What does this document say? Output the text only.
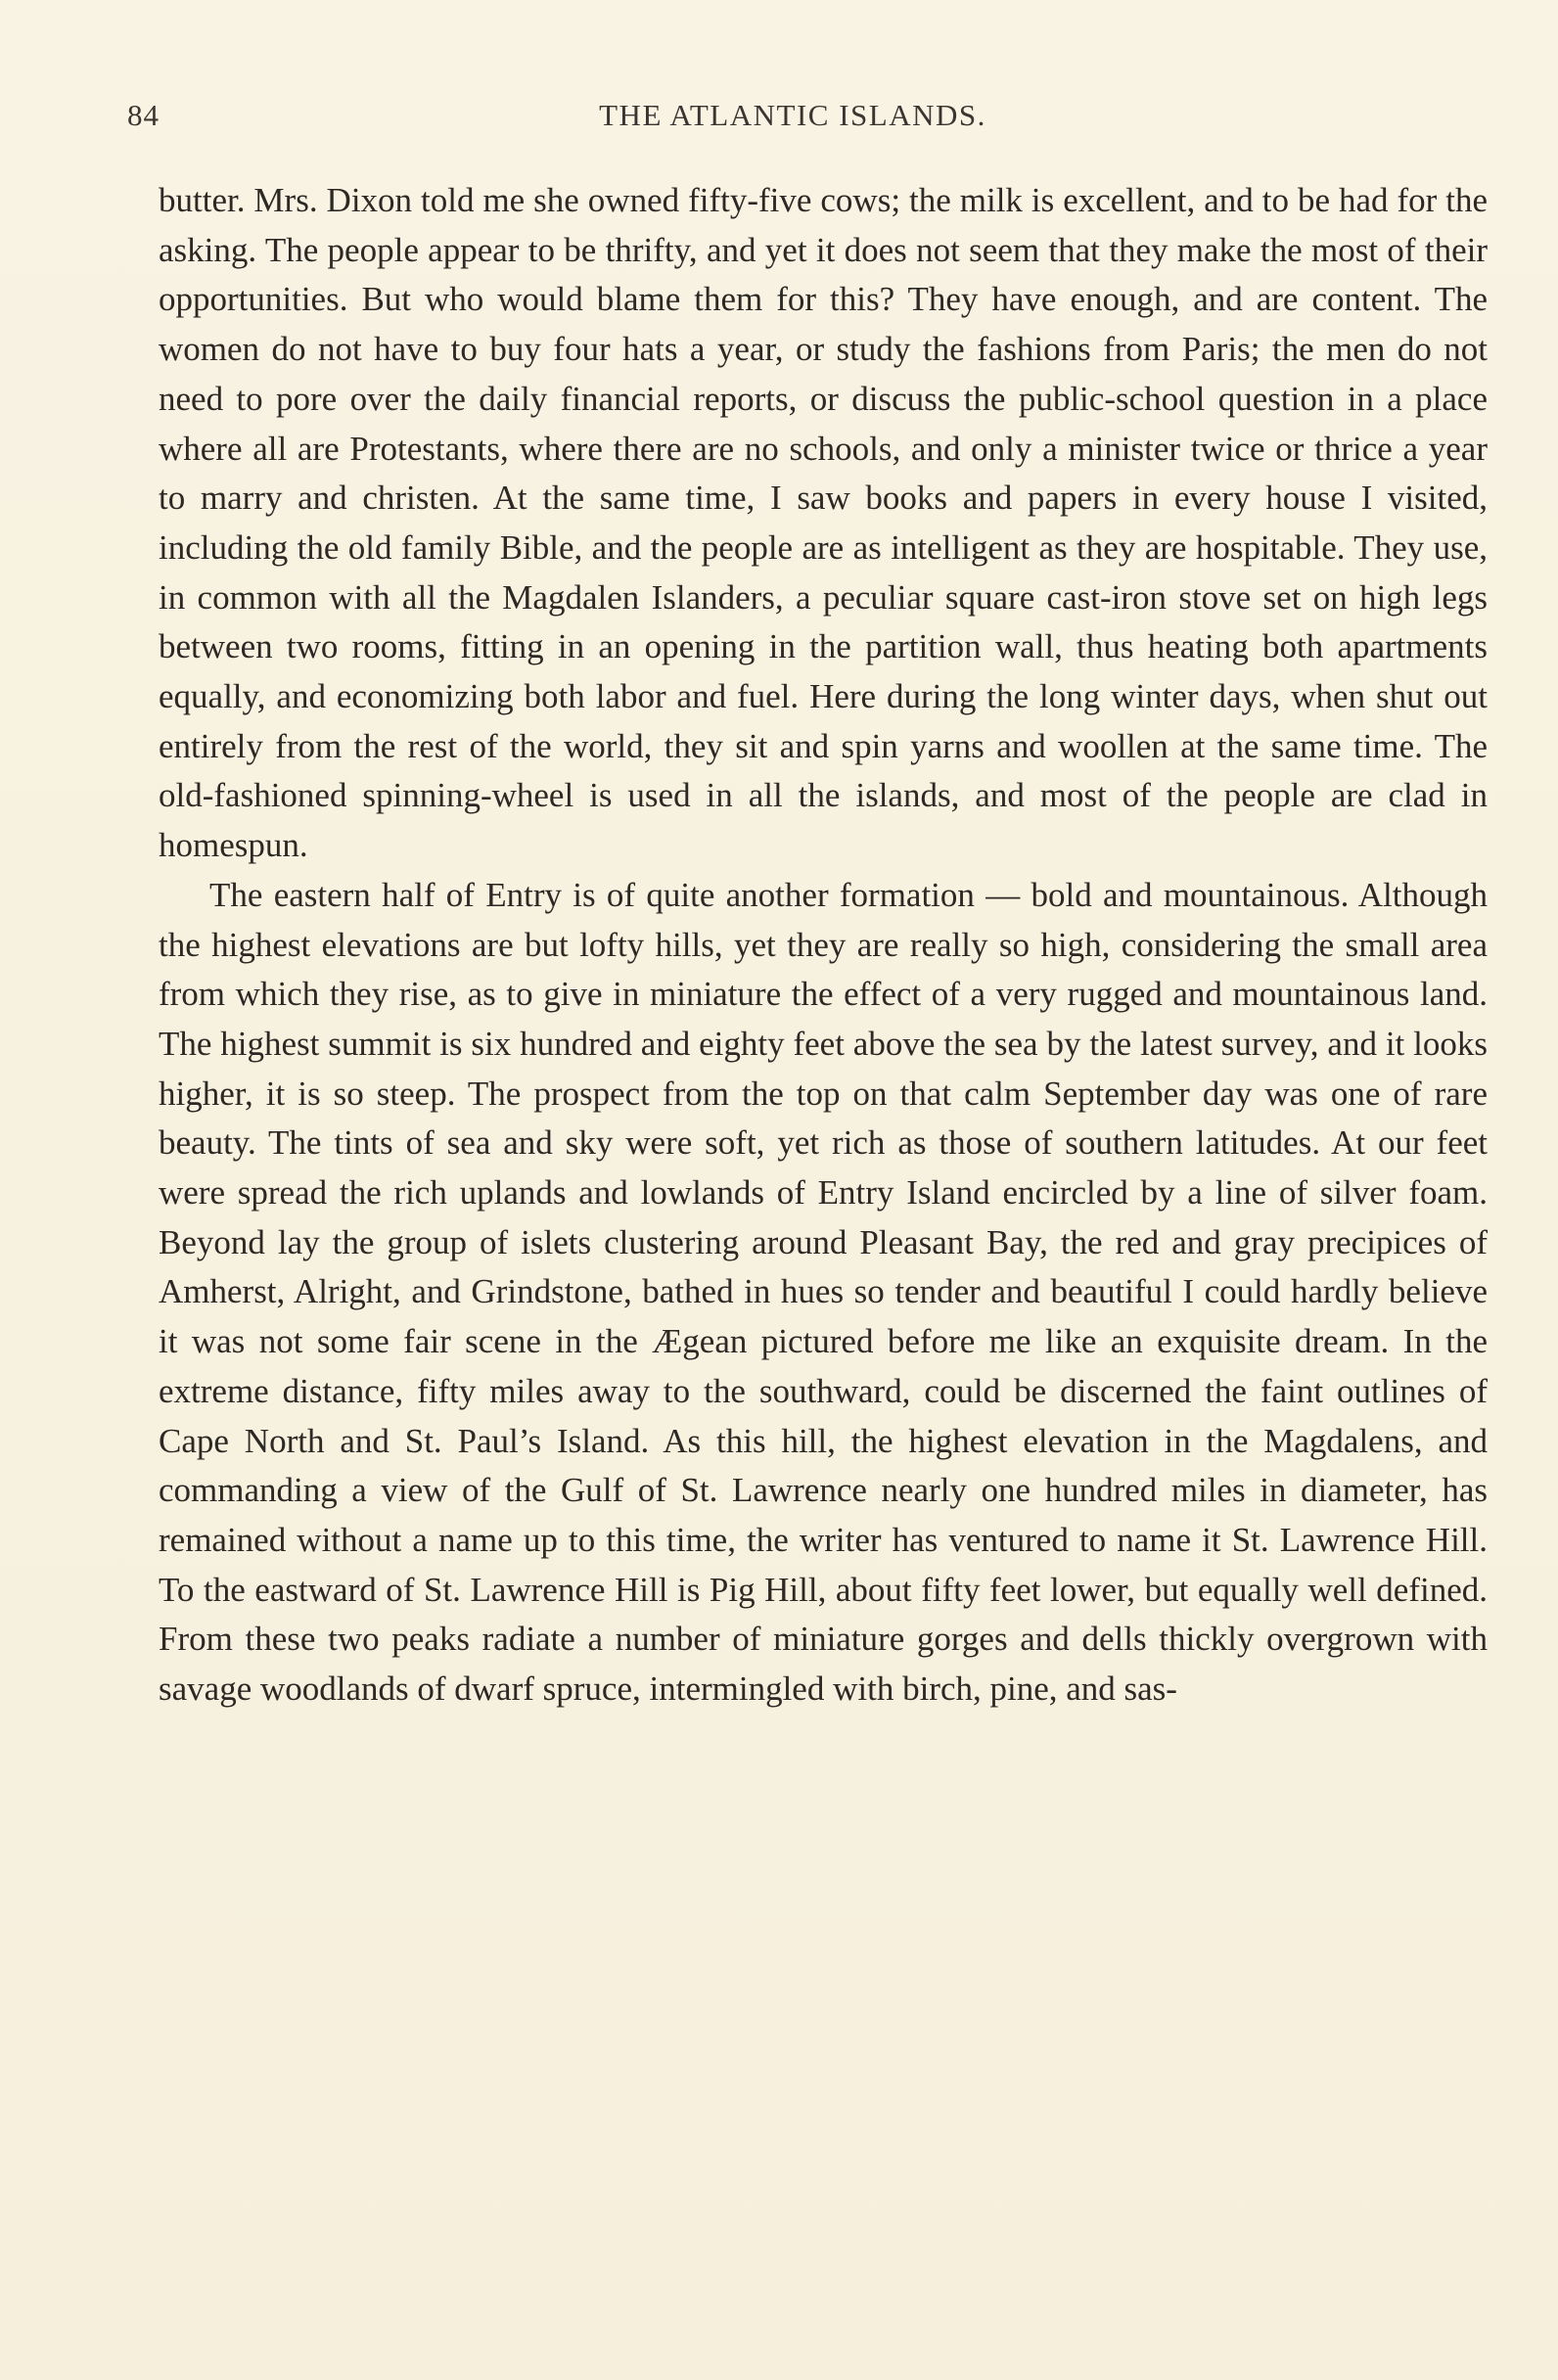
84	THE ATLANTIC ISLANDS.

butter. Mrs. Dixon told me she owned fifty-five cows; the milk is excellent, and to be had for the asking. The people appear to be thrifty, and yet it does not seem that they make the most of their opportunities. But who would blame them for this? They have enough, and are content. The women do not have to buy four hats a year, or study the fashions from Paris; the men do not need to pore over the daily financial reports, or discuss the public-school question in a place where all are Protestants, where there are no schools, and only a minister twice or thrice a year to marry and christen. At the same time, I saw books and papers in every house I visited, including the old family Bible, and the people are as intelligent as they are hospitable. They use, in common with all the Magdalen Islanders, a peculiar square cast-iron stove set on high legs between two rooms, fitting in an opening in the partition wall, thus heating both apartments equally, and economizing both labor and fuel. Here during the long winter days, when shut out entirely from the rest of the world, they sit and spin yarns and woollen at the same time. The old-fashioned spinning-wheel is used in all the islands, and most of the people are clad in homespun.

The eastern half of Entry is of quite another formation — bold and mountainous. Although the highest elevations are but lofty hills, yet they are really so high, considering the small area from which they rise, as to give in miniature the effect of a very rugged and mountainous land. The highest summit is six hundred and eighty feet above the sea by the latest survey, and it looks higher, it is so steep. The prospect from the top on that calm September day was one of rare beauty. The tints of sea and sky were soft, yet rich as those of southern latitudes. At our feet were spread the rich uplands and lowlands of Entry Island encircled by a line of silver foam. Beyond lay the group of islets clustering around Pleasant Bay, the red and gray precipices of Amherst, Alright, and Grindstone, bathed in hues so tender and beautiful I could hardly believe it was not some fair scene in the Ægean pictured before me like an exquisite dream. In the extreme distance, fifty miles away to the southward, could be discerned the faint outlines of Cape North and St. Paul’s Island. As this hill, the highest elevation in the Magdalens, and commanding a view of the Gulf of St. Lawrence nearly one hundred miles in diameter, has remained without a name up to this time, the writer has ventured to name it St. Lawrence Hill. To the eastward of St. Lawrence Hill is Pig Hill, about fifty feet lower, but equally well defined. From these two peaks radiate a number of miniature gorges and dells thickly overgrown with savage woodlands of dwarf spruce, intermingled with birch, pine, and sas-
